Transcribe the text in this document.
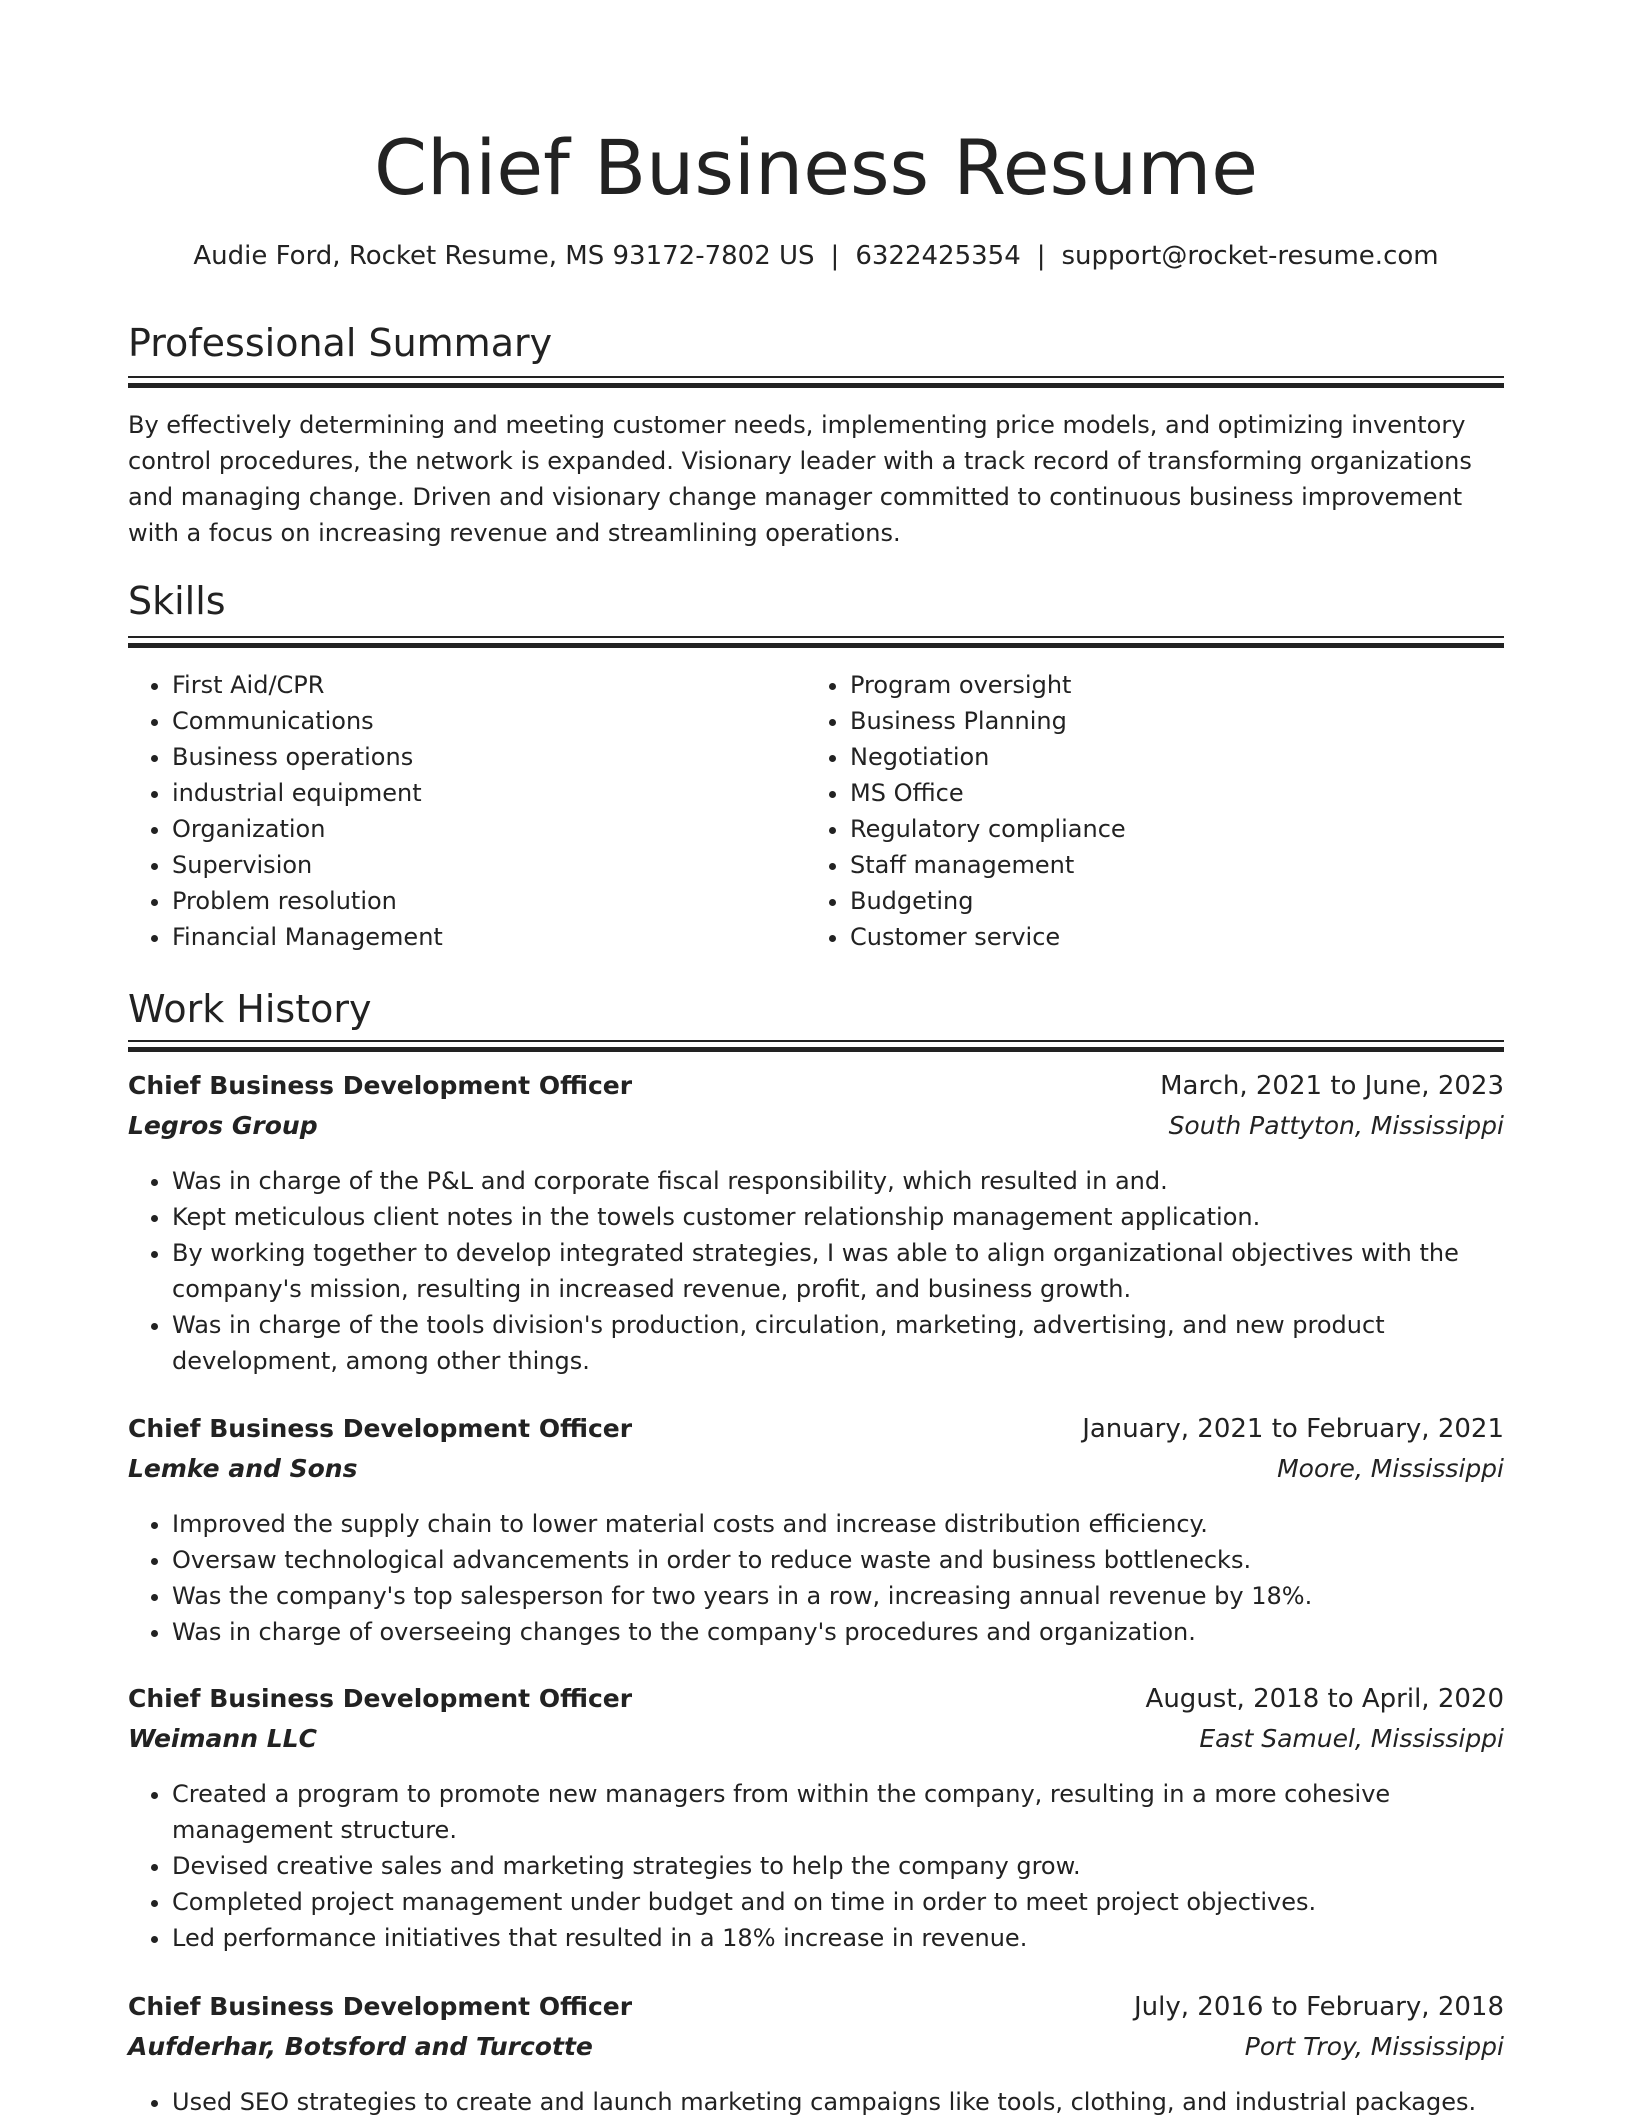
Chief Business Resume
Audie Ford, Rocket Resume, MS 93172-7802 US | 6322425354 | support@rocket-resume.com
Professional Summary

By effectively determining and meeting customer needs, implementing price models, and optimizing inventory control procedures, the network is expanded. Visionary leader with a track record of transforming organizations and managing change. Driven and visionary change manager committed to continuous business improvement with a focus on increasing revenue and streamlining operations.

Skills
• First Aid/CPR
• Communications
• Business operations
• industrial equipment
• Organization
• Supervision
• Problem resolution
• Financial Management
• Program oversight
• Business Planning
• Negotiation
• MS Office
• Regulatory compliance
• Staff management
• Budgeting
• Customer service
Work History
Chief Business Development Officer	March, 2021 to June, 2023
Legros Group	South Pattyton, Mississippi
• Was in charge of the P&L and corporate fiscal responsibility, which resulted in and.
• Kept meticulous client notes in the towels customer relationship management application.
• By working together to develop integrated strategies, I was able to align organizational objectives with the company's mission, resulting in increased revenue, profit, and business growth.
• Was in charge of the tools division's production, circulation, marketing, advertising, and new product development, among other things.
Chief Business Development Officer	January, 2021 to February, 2021
Lemke and Sons	Moore, Mississippi
• Improved the supply chain to lower material costs and increase distribution efficiency.
• Oversaw technological advancements in order to reduce waste and business bottlenecks.
• Was the company's top salesperson for two years in a row, increasing annual revenue by 18%.
• Was in charge of overseeing changes to the company's procedures and organization.
Chief Business Development Officer	August, 2018 to April, 2020
Weimann LLC	East Samuel, Mississippi
• Created a program to promote new managers from within the company, resulting in a more cohesive management structure.
• Devised creative sales and marketing strategies to help the company grow.
• Completed project management under budget and on time in order to meet project objectives.
• Led performance initiatives that resulted in a 18% increase in revenue.
Chief Business Development Officer	July, 2016 to February, 2018
Aufderhar, Botsford and Turcotte	Port Troy, Mississippi
• Used SEO strategies to create and launch marketing campaigns like tools, clothing, and industrial packages.
